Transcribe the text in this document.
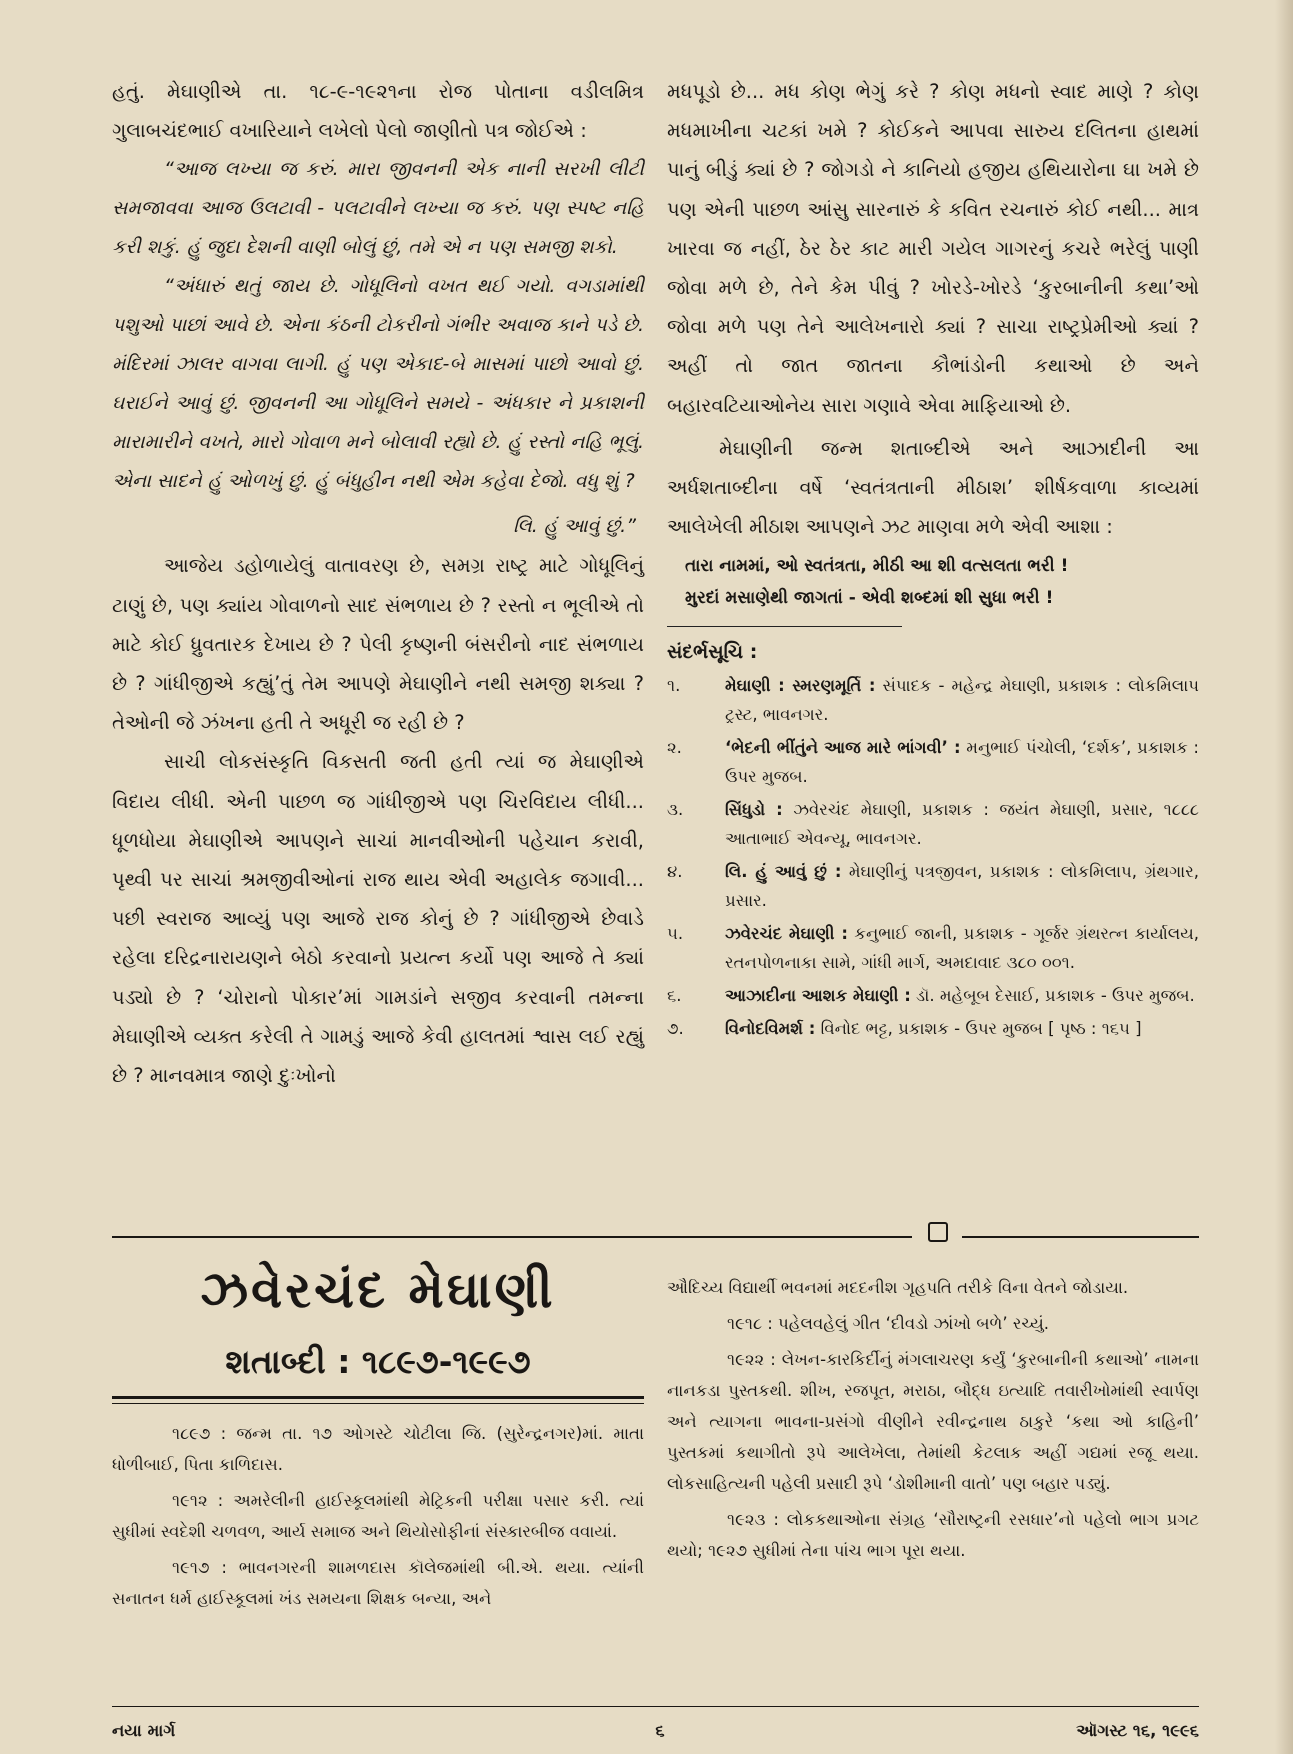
હતું. મેઘાણીએ તા. ૧૮-૯-૧૯૨૧ના રોજ પોતાના વડીલમિત્ર ગુલાબચંદભાઈ વખારિયાને લખેલો પેલો જાણીતો પત્ર જોઈએ :

“આજ લખ્યા જ કરું. મારા જીવનની એક નાની સરખી લીટી સમજાવવા આજ ઉલટાવી - પલટાવીને લખ્યા જ કરું. પણ સ્પષ્ટ નહિ કરી શકું. હું જુદા દેશની વાણી બોલું છું, તમે એ ન પણ સમજી શકો.

“અંધારું થતું જાય છે. ગોધૂલિનો વખત થઈ ગયો. વગડામાંથી પશુઓ પાછાં આવે છે. એના કંઠની ટોકરીનો ગંભીર અવાજ કાને પડે છે. મંદિરમાં ઝાલર વાગવા લાગી. હું પણ એકાદ-બે માસમાં પાછો આવો છું. ઘરાઈને આવું છું. જીવનની આ ગોધૂલિને સમયે - અંધકાર ને પ્રકાશની મારામારીને વખતે, મારો ગોવાળ મને બોલાવી રહ્યો છે. હું રસ્તો નહિ ભૂલું. એના સાદને હું ઓળખું છું. હું બંધુહીન નથી એમ કહેવા દેજો. વધુ શું ?

લિ. હું આવું છું.”

આજેય ડહોળાયેલું વાતાવરણ છે, સમગ્ર રાષ્ટ્ર માટે ગોધૂલિનું ટાણું છે, પણ ક્યાંય ગોવાળનો સાદ સંભળાય છે ? રસ્તો ન ભૂલીએ તો માટે કોઈ ધ્રુવતારક દેખાય છે ? પેલી કૃષ્ણની બંસરીનો નાદ સંભળાય છે ? ગાંધીજીએ કહ્યું’તું તેમ આપણે મેઘાણીને નથી સમજી શક્યા ? તેઓની જે ઝંખના હતી તે અધૂરી જ રહી છે ?

સાચી લોકસંસ્કૃતિ વિકસતી જતી હતી ત્યાં જ મેઘાણીએ વિદાય લીધી. એની પાછળ જ ગાંધીજીએ પણ ચિરવિદાય લીધી... ધૂળધોયા મેઘાણીએ આપણને સાચાં માનવીઓની પહેચાન કરાવી, પૃથ્વી પર સાચાં શ્રમજીવીઓનાં રાજ થાય એવી અહાલેક જગાવી... પછી સ્વરાજ આવ્યું પણ આજે રાજ કોનું છે ? ગાંધીજીએ છેવાડે રહેલા દરિદ્રનારાયણને બેઠો કરવાનો પ્રયત્ન કર્યો પણ આજે તે ક્યાં પડ્યો છે ? ‘ચોરાનો પોકાર’માં ગામડાંને સજીવ કરવાની તમન્ના મેઘાણીએ વ્યક્ત કરેલી તે ગામડું આજે કેવી હાલતમાં શ્વાસ લઈ રહ્યું છે ? માનવમાત્ર જાણે દુઃખોનો

મધપૂડો છે... મધ કોણ ભેગું કરે ? કોણ મધનો સ્વાદ માણે ? કોણ મધમાખીના ચટકાં ખમે ? કોઈકને આપવા સારુય દલિતના હાથમાં પાનું બીડું ક્યાં છે ? જોગડો ને કાનિયો હજીય હથિયારોના ઘા ખમે છે પણ એની પાછળ આંસુ સારનારું કે કવિત રચનારું કોઈ નથી... માત્ર ખારવા જ નહીં, ઠેર ઠેર કાટ મારી ગયેલ ગાગરનું કચરે ભરેલું પાણી જોવા મળે છે, તેને કેમ પીવું ? ખોરડે-ખોરડે ‘કુરબાનીની કથા’ઓ જોવા મળે પણ તેને આલેખનારો ક્યાં ? સાચા રાષ્ટ્રપ્રેમીઓ ક્યાં ? અહીં તો જાત જાતના કૌભાંડોની કથાઓ છે અને બહારવટિયાઓનેય સારા ગણાવે એવા માફિયાઓ છે.

મેઘાણીની જન્મ શતાબ્દીએ અને આઝાદીની આ અર્ધશતાબ્દીના વર્ષે ‘સ્વતંત્રતાની મીઠાશ’ શીર્ષકવાળા કાવ્યમાં આલેખેલી મીઠાશ આપણને ઝટ માણવા મળે એવી આશા :

તારા નામમાં, ઓ સ્વતંત્રતા, મીઠી આ શી વત્સલતા ભરી !

મુરદાં મસાણેથી જાગતાં - એવી શબ્દમાં શી સુધા ભરી !

સંદર્ભસૂચિ :

૧.	મેઘાણી : સ્મરણમૂર્તિ : સંપાદક - મહેન્દ્ર મેઘાણી, પ્રકાશક : લોકમિલાપ ટ્રસ્ટ, ભાવનગર.
૨.	‘ભેદની ભીંતુંને આજ મારે ભાંગવી’ : મનુભાઈ પંચોલી, ‘દર્શક’, પ્રકાશક : ઉપર મુજબ.
૩.	સિંધુડો : ઝવેરચંદ મેઘાણી, પ્રકાશક : જયંત મેઘાણી, પ્રસાર, ૧૮૮૮ આતાભાઈ એવન્યૂ, ભાવનગર.
૪.	લિ. હું આવું છું : મેઘાણીનું પત્રજીવન, પ્રકાશક : લોકમિલાપ, ગ્રંથગાર, પ્રસાર.
૫.	ઝવેરચંદ મેઘાણી : કનુભાઈ જાની, પ્રકાશક - ગૂર્જર ગ્રંથરત્ન કાર્યાલય, રતનપોળનાકા સામે, ગાંધી માર્ગ, અમદાવાદ ૩૮૦ ૦૦૧.
૬.	આઝાદીના આશક મેઘાણી : ડૉ. મહેબૂબ દેસાઈ, પ્રકાશક - ઉપર મુજબ.
૭.	વિનોદવિમર્શ : વિનોદ ભટ્ટ, પ્રકાશક - ઉપર મુજબ [ પૃષ્ઠ : ૧૬૫ ]
ઝવેરચંદ મેઘાણી
શતાબ્દી : ૧૮૯૭-૧૯૯૭

૧૮૯૭ : જન્મ તા. ૧૭ ઓગસ્ટે ચોટીલા જિ. (સુરેન્દ્રનગર)માં. માતા ધોળીબાઈ, પિતા કાળિદાસ.

૧૯૧૨ : અમરેલીની હાઈસ્કૂલમાંથી મેટ્રિકની પરીક્ષા પસાર કરી. ત્યાં સુધીમાં સ્વદેશી ચળવળ, આર્ય સમાજ અને થિયોસોફીનાં સંસ્કારબીજ વવાયાં.

૧૯૧૭ : ભાવનગરની શામળદાસ કૉલેજમાંથી બી.એ. થયા. ત્યાંની સનાતન ધર્મ હાઈસ્કૂલમાં ખંડ સમયના શિક્ષક બન્યા, અને

ઔદિચ્ય વિદ્યાર્થી ભવનમાં મદદનીશ ગૃહપતિ તરીકે વિના વેતને જોડાયા.

૧૯૧૮ : પહેલવહેલું ગીત ‘દીવડો ઝાંખો બળે’ રચ્યું.

૧૯૨૨ : લેખન-કારકિર્દીનું મંગલાચરણ કર્યું ‘કુરબાનીની કથાઓ’ નામના નાનકડા પુસ્તકથી. શીખ, રજપૂત, મરાઠા, બૌદ્ધ ઇત્યાદિ તવારીખોમાંથી સ્વાર્પણ અને ત્યાગના ભાવના-પ્રસંગો વીણીને રવીન્દ્રનાથ ઠાકુરે ‘કથા ઓ કાહિની’ પુસ્તકમાં કથાગીતો રૂપે આલેખેલા, તેમાંથી કેટલાક અહીં ગદ્યમાં રજૂ થયા. લોકસાહિત્યની પહેલી પ્રસાદી રૂપે ‘ડોશીમાની વાતો’ પણ બહાર પડ્યું.

૧૯૨૩ : લોકકથાઓના સંગ્રહ ‘સૌરાષ્ટ્રની રસધાર’નો પહેલો ભાગ પ્રગટ થયો; ૧૯૨૭ સુધીમાં તેના પાંચ ભાગ પૂરા થયા.

નયા માર્ગ	૬	ઑગસ્ટ ૧૬, ૧૯૯૬
